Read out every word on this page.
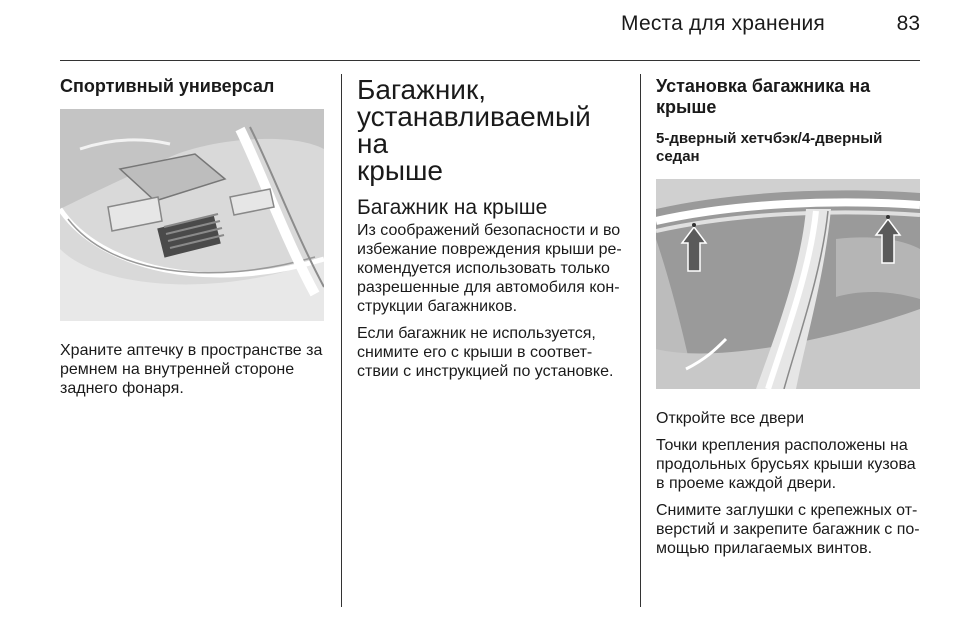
Места для хранения	83
Спортивный универсал

Храните аптечку в пространстве за ремнем на внутренней стороне заднего фонаря.

Багажник,
устанавливаемый на
крыше
Багажник на крыше

Из соображений безопасности и во
избежание повреждения крыши ре-
комендуется использовать только
разрешенные для автомобиля кон-
струкции багажников.

Если багажник не используется,
снимите его с крыши в соответ-
ствии с инструкцией по установке.

Установка багажника на
крыше
5-дверный хетчбэк/4-дверный
седан

Откройте все двери

Точки крепления расположены на
продольных брусьях крыши кузова
в проеме каждой двери.

Снимите заглушки с крепежных от-
верстий и закрепите багажник с по-
мощью прилагаемых винтов.
